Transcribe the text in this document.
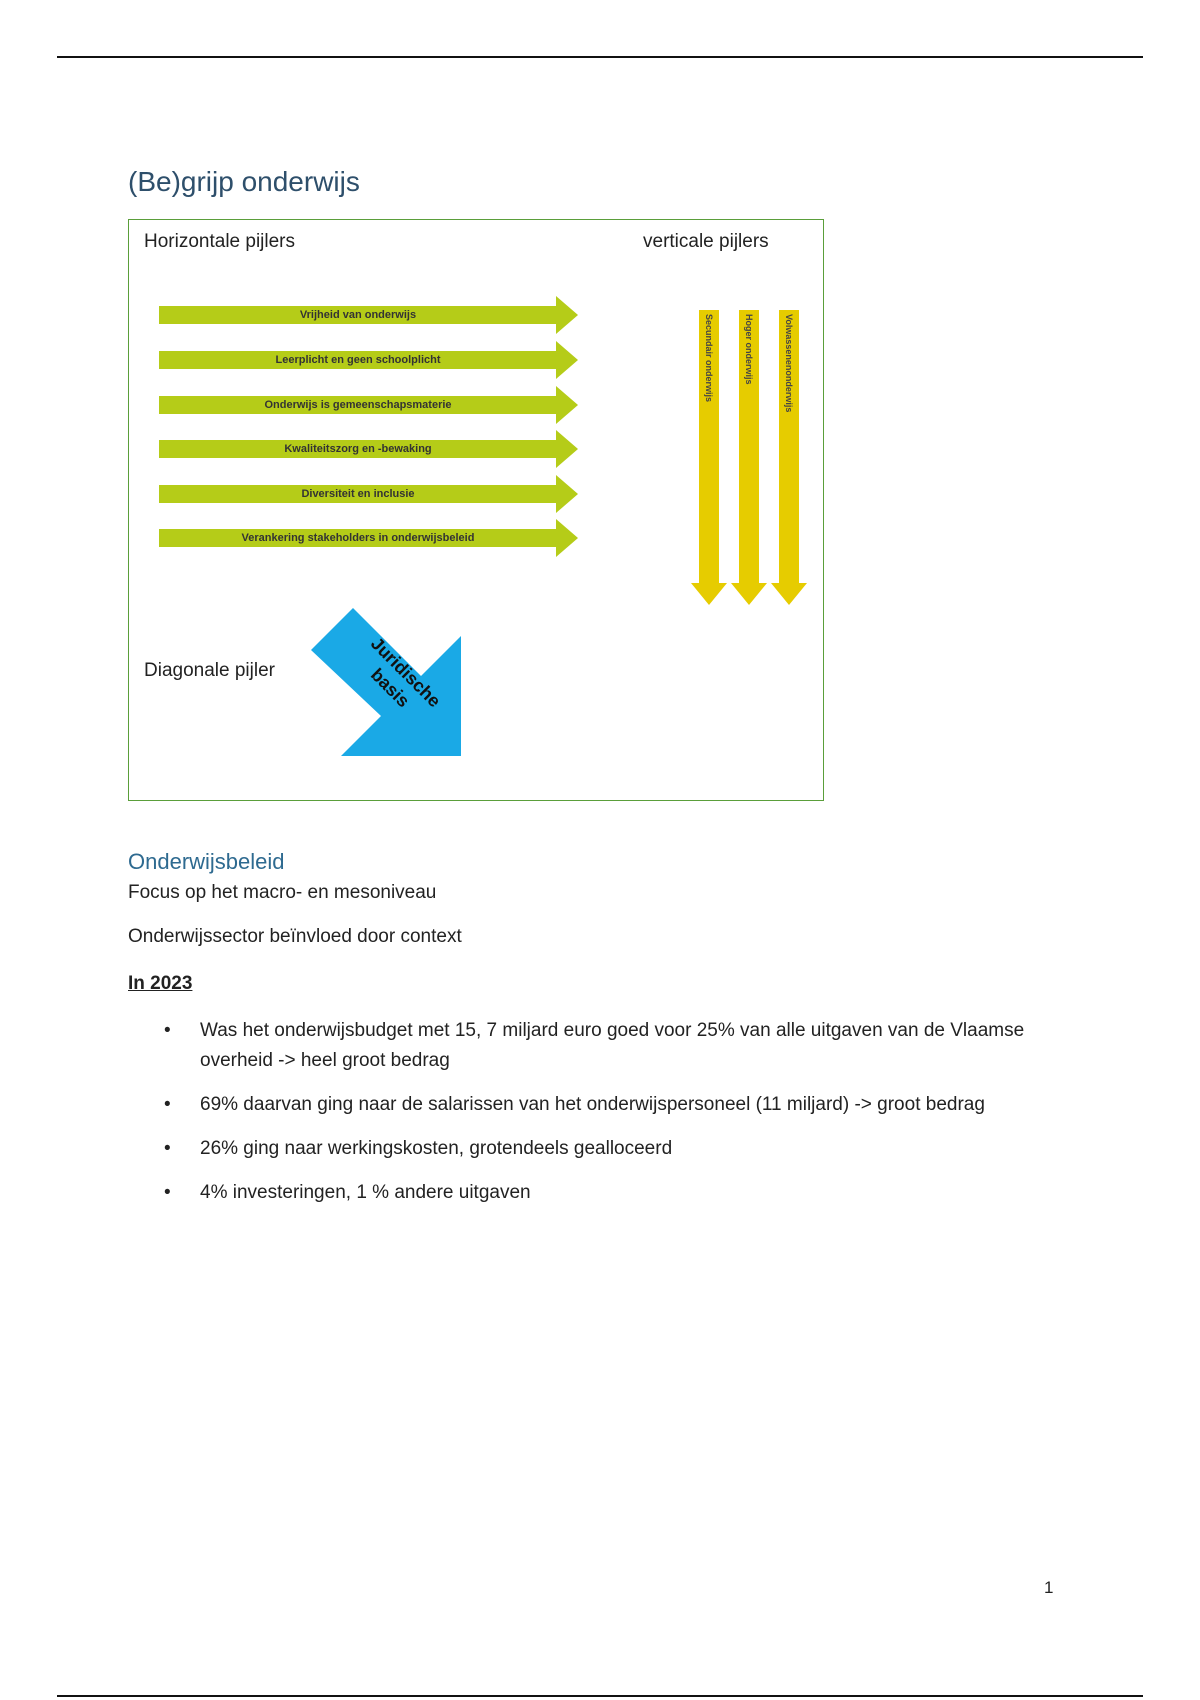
(Be)grijp onderwijs
Horizontale pijlers	verticale pijlers
Vrijheid van onderwijs
Leerplicht en geen schoolplicht
Onderwijs is gemeenschapsmaterie
Kwaliteitszorg en -bewaking
Diversiteit en inclusie
Verankering stakeholders in onderwijsbeleid
Secundair onderwijs	Hoger onderwijs	Volwassenenonderwijs
Diagonale pijler	Juridische basis
Onderwijsbeleid

Focus op het macro- en mesoniveau

Onderwijssector beïnvloed door context

In 2023

• Was het onderwijsbudget met 15, 7 miljard euro goed voor 25% van alle uitgaven van de Vlaamse overheid -> heel groot bedrag
• 69% daarvan ging naar de salarissen van het onderwijspersoneel (11 miljard) -> groot bedrag
• 26% ging naar werkingskosten, grotendeels gealloceerd
• 4% investeringen, 1 % andere uitgaven
1
